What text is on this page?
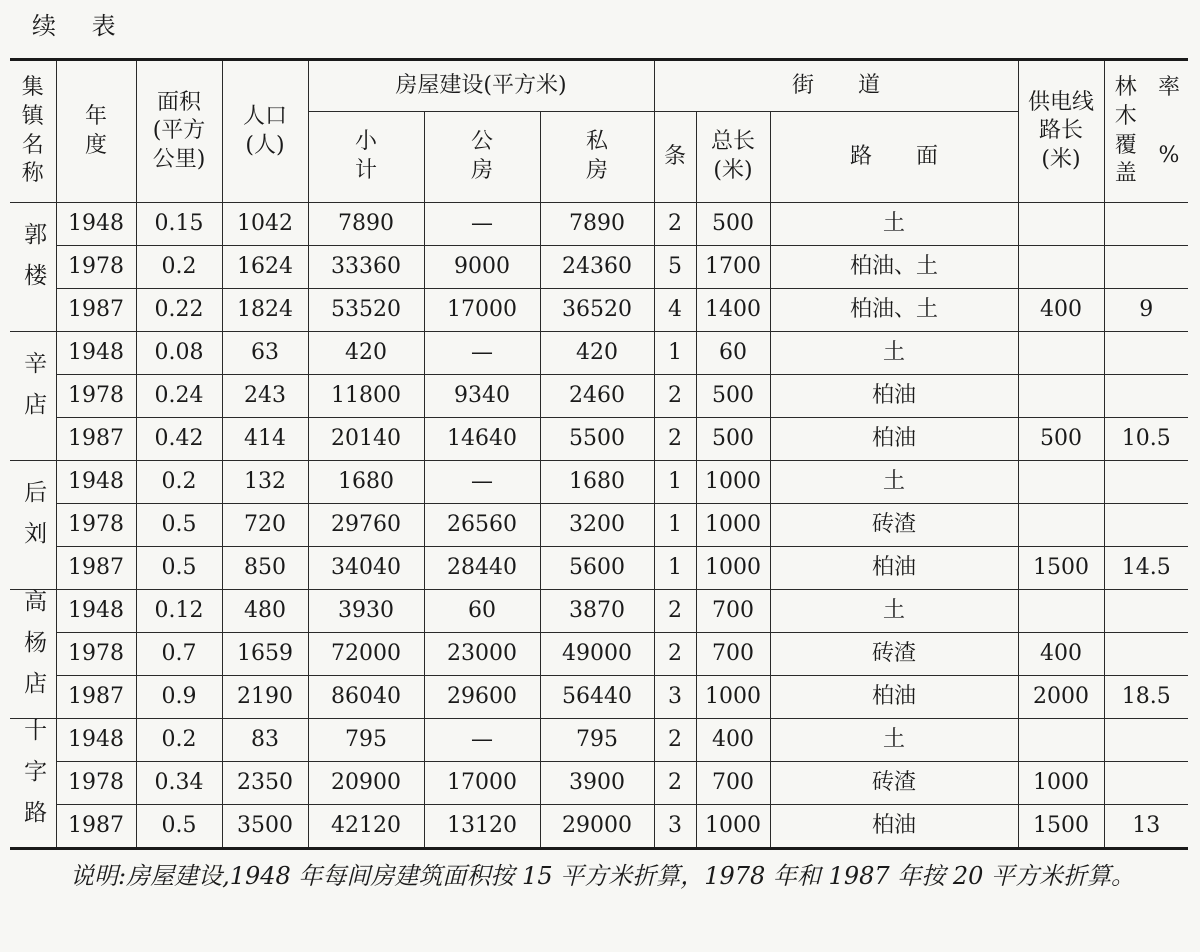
续 表
集镇名称	年度	面积(平方公里)	人口(人)	房屋建设(平方米)			街　　道			供电线路长(米)	林木覆盖
率
%

				小计	公房	私房	条	总长(米)	路　　面		
郭楼	1948	0.15	1042	7890	—	7890	2	500	土		
	1978	0.2	1624	33360	9000	24360	5	1700	柏油、土		
	1987	0.22	1824	53520	17000	36520	4	1400	柏油、土	400	9
辛店	1948	0.08	63	420	—	420	1	60	土		
	1978	0.24	243	11800	9340	2460	2	500	柏油		
	1987	0.42	414	20140	14640	5500	2	500	柏油	500	10.5
后刘	1948	0.2	132	1680	—	1680	1	1000	土		
	1978	0.5	720	29760	26560	3200	1	1000	砖渣		
	1987	0.5	850	34040	28440	5600	1	1000	柏油	1500	14.5
高杨店	1948	0.12	480	3930	60	3870	2	700	土		
	1978	0.7	1659	72000	23000	49000	2	700	砖渣	400	
	1987	0.9	2190	86040	29600	56440	3	1000	柏油	2000	18.5
十字路	1948	0.2	83	795	—	795	2	400	土		
	1978	0.34	2350	20900	17000	3900	2	700	砖渣	1000	
	1987	0.5	3500	42120	13120	29000	3	1000	柏油	1500	13
说明:房屋建设,1948 年每间房建筑面积按 15 平方米折算，1978 年和 1987 年按 20 平方米折算。
